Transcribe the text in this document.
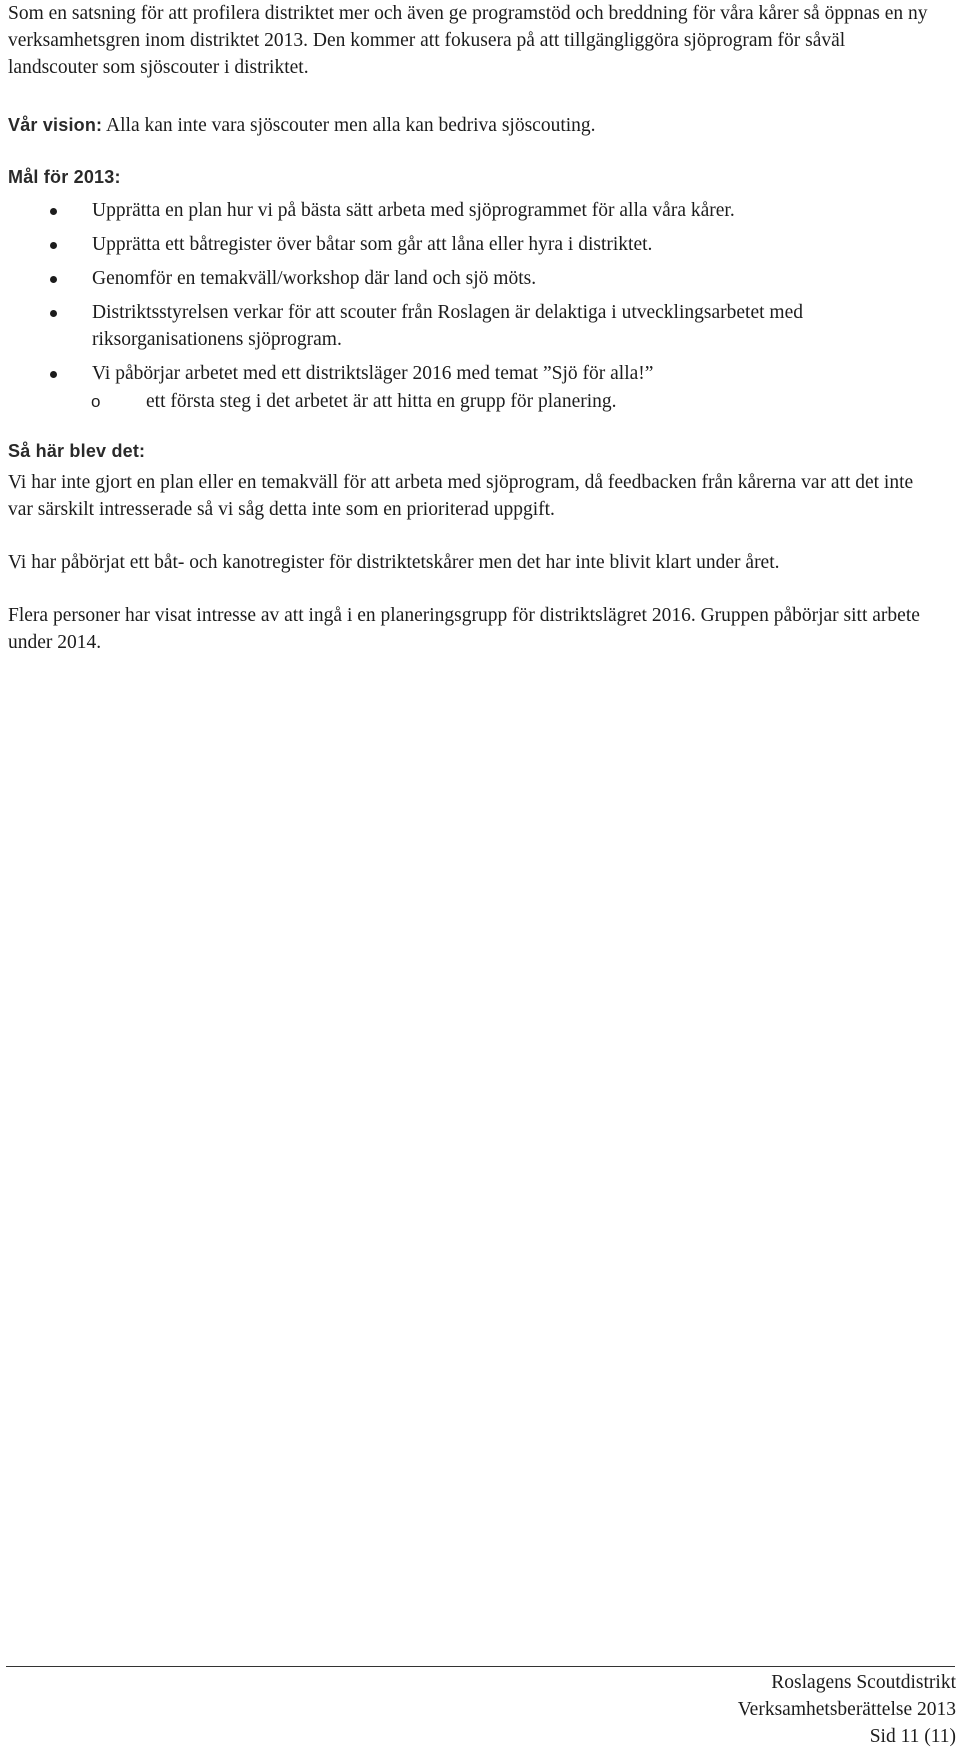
Som en satsning för att profilera distriktet mer och även ge programstöd och breddning för våra kårer så öppnas en ny verksamhetsgren inom distriktet 2013. Den kommer att fokusera på att tillgängliggöra sjöprogram för såväl landscouter som sjöscouter i distriktet.

Vår vision: Alla kan inte vara sjöscouter men alla kan bedriva sjöscouting.

Mål för 2013:
Upprätta en plan hur vi på bästa sätt arbeta med sjöprogrammet för alla våra kårer.
Upprätta ett båtregister över båtar som går att låna eller hyra i distriktet.
Genomför en temakväll/workshop där land och sjö möts.
Distriktsstyrelsen verkar för att scouter från Roslagen är delaktiga i utvecklingsarbetet med riksorganisationens sjöprogram.
Vi påbörjar arbetet med ett distriktsläger 2016 med temat ”Sjö för alla!”
o ett första steg i det arbetet är att hitta en grupp för planering.
Så här blev det:

Vi har inte gjort en plan eller en temakväll för att arbeta med sjöprogram, då feedbacken från kårerna var att det inte var särskilt intresserade så vi såg detta inte som en prioriterad uppgift.

Vi har påbörjat ett båt- och kanotregister för distriktetskårer men det har inte blivit klart under året.

Flera personer har visat intresse av att ingå i en planeringsgrupp för distriktslägret 2016. Gruppen påbörjar sitt arbete under 2014.

Roslagens Scoutdistrikt
Verksamhetsberättelse 2013
Sid 11 (11)
